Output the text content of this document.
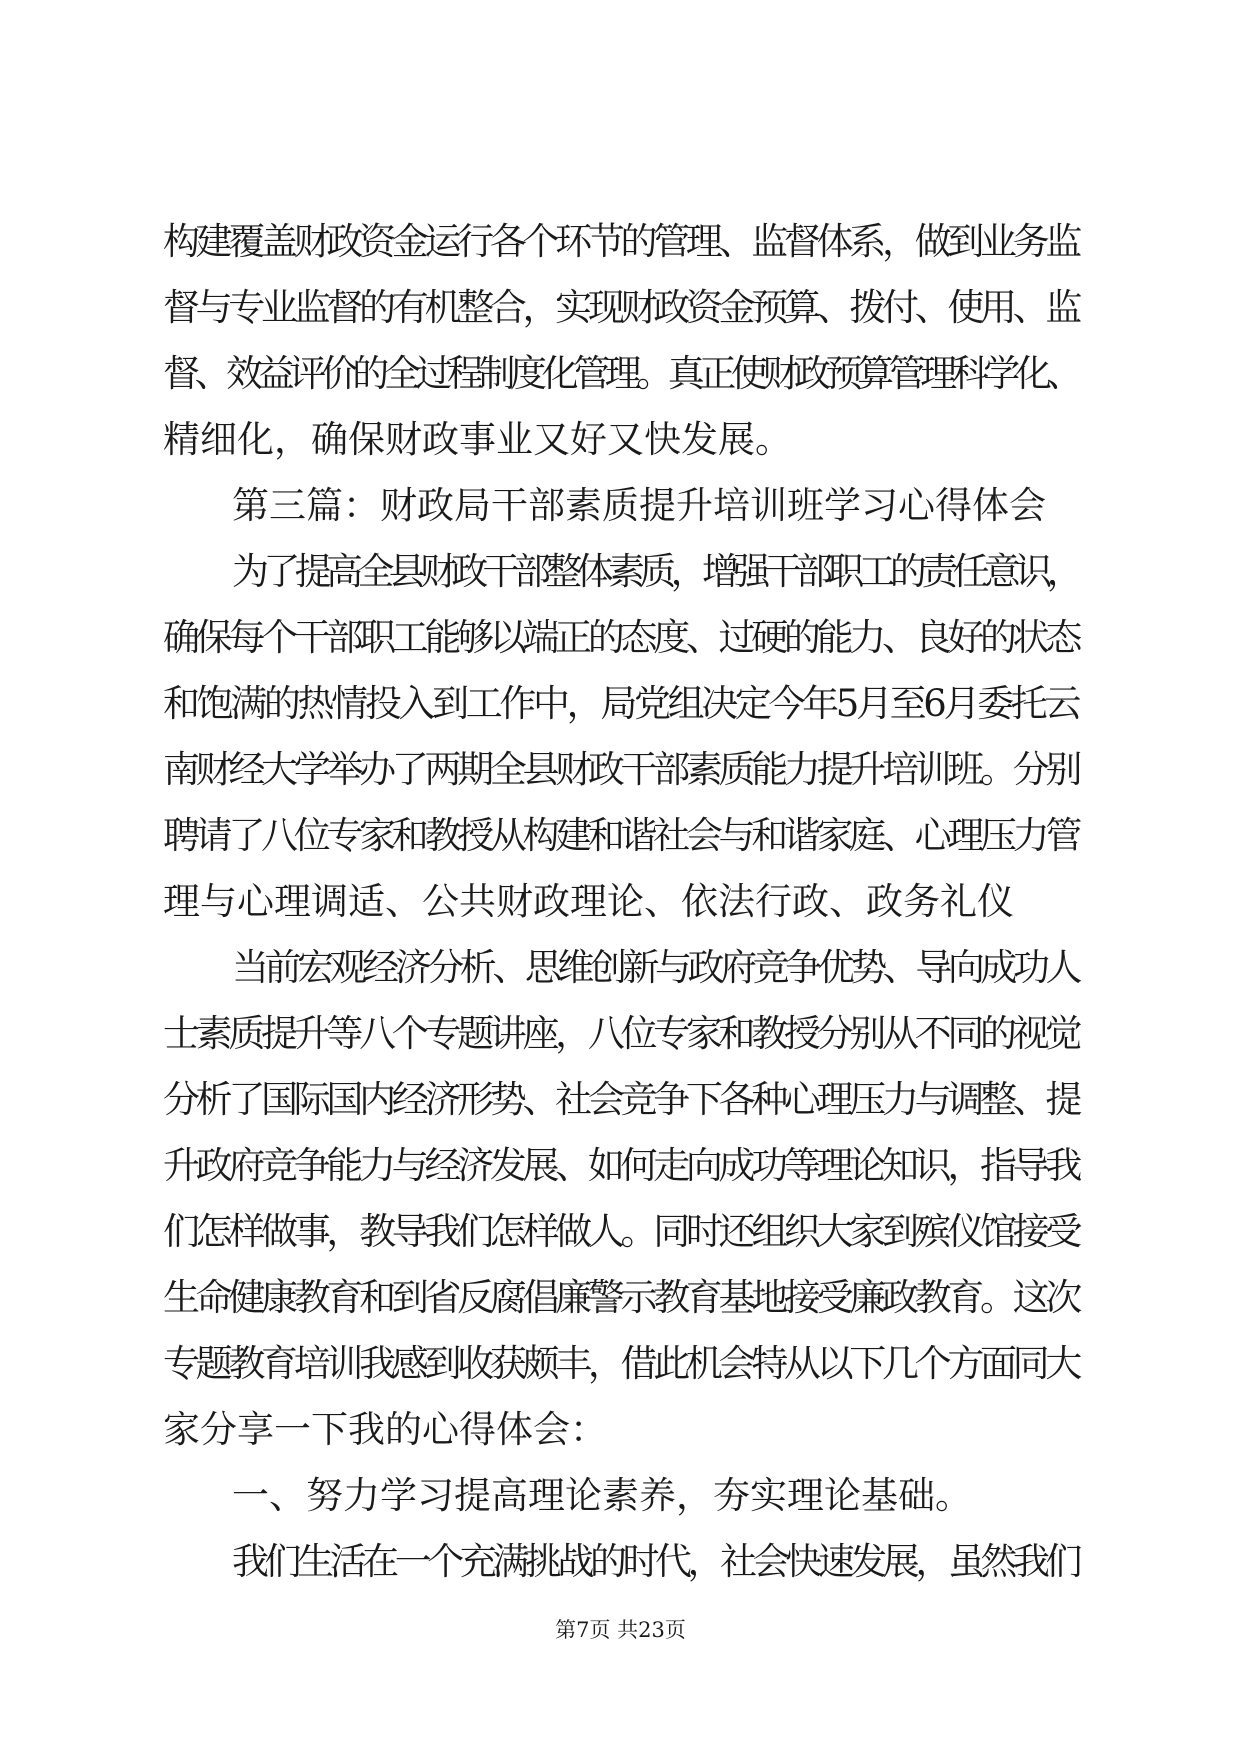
构建覆盖财政资金运行各个环节的管理、监督体系，做到业务监
督与专业监督的有机整合，实现财政资金预算、拨付、使用、监
督、效益评价的全过程制度化管理。真正使财政预算管理科学化、
精细化，确保财政事业又好又快发展。
第三篇：财政局干部素质提升培训班学习心得体会
为了提高全县财政干部整体素质，增强干部职工的责任意识，
确保每个干部职工能够以端正的态度、过硬的能力、良好的状态
和饱满的热情投入到工作中，局党组决定今年5月至6月委托云
南财经大学举办了两期全县财政干部素质能力提升培训班。分别
聘请了八位专家和教授从构建和谐社会与和谐家庭、心理压力管
理与心理调适、公共财政理论、依法行政、政务礼仪
当前宏观经济分析、思维创新与政府竞争优势、导向成功人
士素质提升等八个专题讲座，八位专家和教授分别从不同的视觉
分析了国际国内经济形势、社会竞争下各种心理压力与调整、提
升政府竞争能力与经济发展、如何走向成功等理论知识，指导我
们怎样做事，教导我们怎样做人。同时还组织大家到殡仪馆接受
生命健康教育和到省反腐倡廉警示教育基地接受廉政教育。这次
专题教育培训我感到收获颇丰，借此机会特从以下几个方面同大
家分享一下我的心得体会：
一、努力学习提高理论素养，夯实理论基础。
我们生活在一个充满挑战的时代，社会快速发展，虽然我们
第7页 共23页
